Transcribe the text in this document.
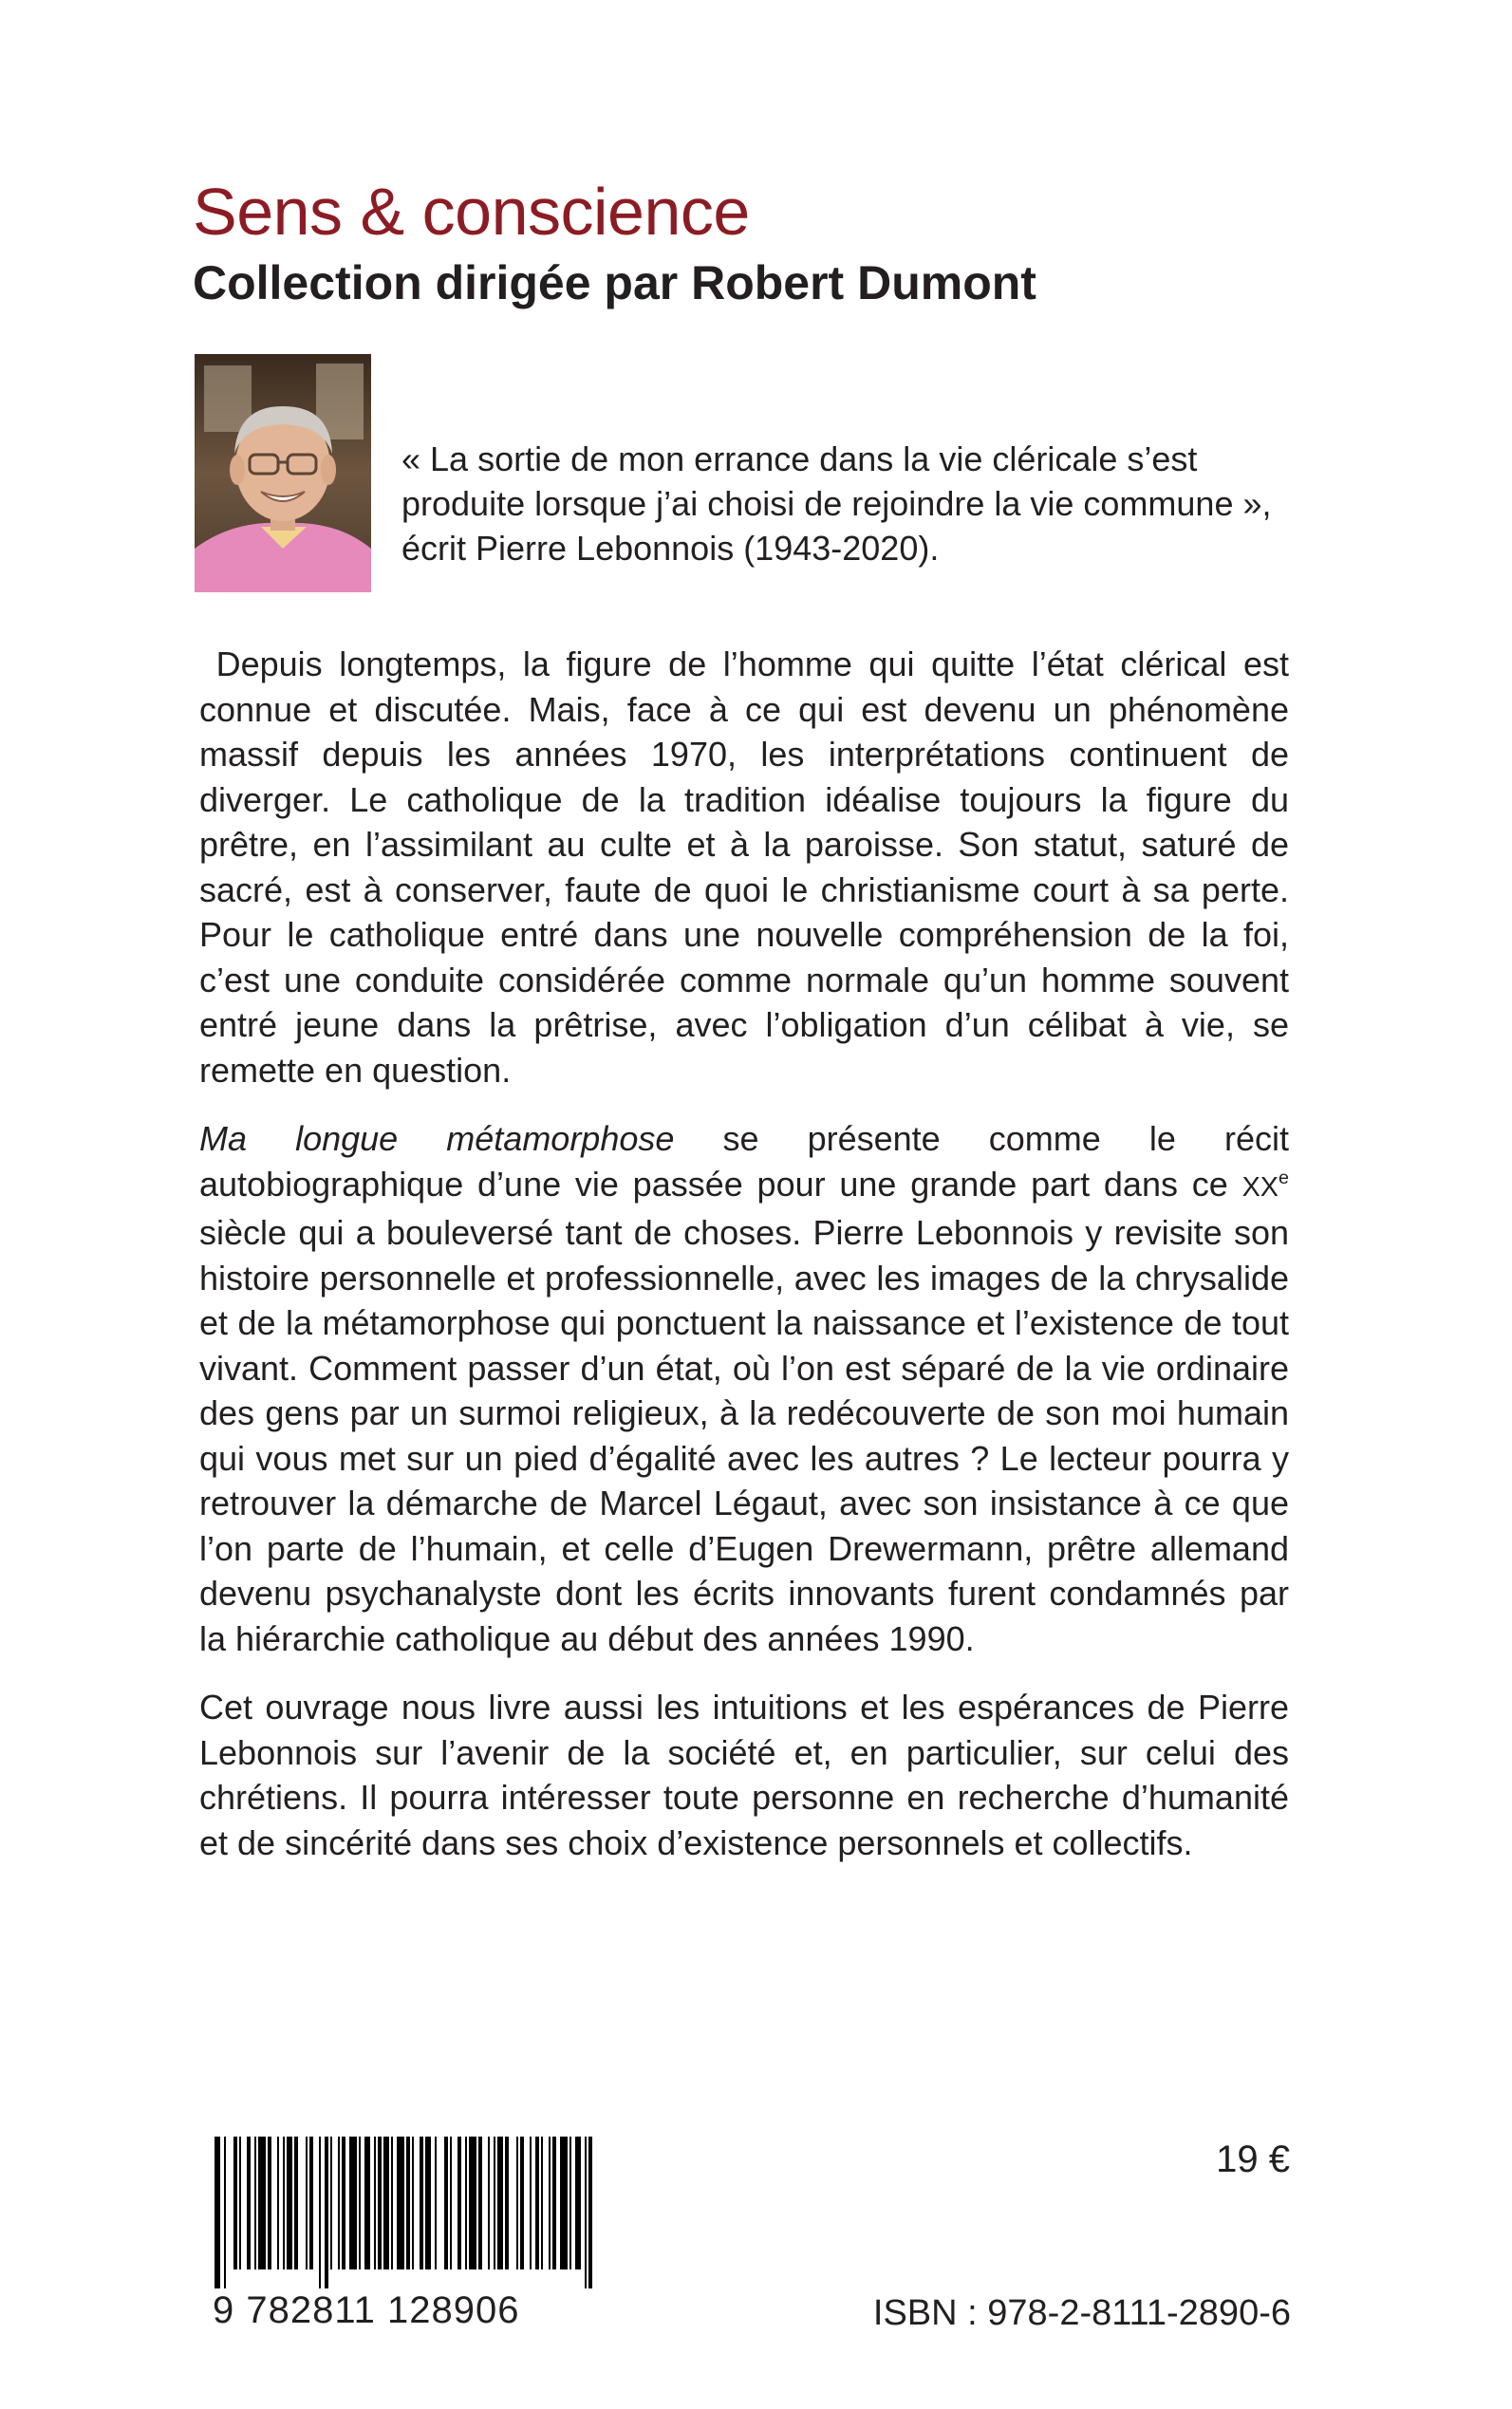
Sens & conscience
Collection dirigée par Robert Dumont

« La sortie de mon errance dans la vie cléricale s’est produite lorsque j’ai choisi de rejoindre la vie commune », écrit Pierre Lebonnois (1943-2020).

Depuis longtemps, la figure de l’homme qui quitte l’état clérical est connue et discutée. Mais, face à ce qui est devenu un phénomène massif depuis les années 1970, les interprétations continuent de diverger. Le catholique de la tradition idéalise toujours la figure du prêtre, en l’assimilant au culte et à la paroisse. Son statut, saturé de sacré, est à conserver, faute de quoi le christianisme court à sa perte. Pour le catholique entré dans une nouvelle compréhension de la foi, c’est une conduite considérée comme normale qu’un homme souvent entré jeune dans la prêtrise, avec l’obligation d’un célibat à vie, se remette en question.

Ma longue métamorphose se présente comme le récit autobiographique d’une vie passée pour une grande part dans ce XXe siècle qui a bouleversé tant de choses. Pierre Lebonnois y revisite son histoire personnelle et professionnelle, avec les images de la chrysalide et de la métamorphose qui ponctuent la naissance et l’existence de tout vivant. Comment passer d’un état, où l’on est séparé de la vie ordinaire des gens par un surmoi religieux, à la redécouverte de son moi humain qui vous met sur un pied d’égalité avec les autres ? Le lecteur pourra y retrouver la démarche de Marcel Légaut, avec son insistance à ce que l’on parte de l’humain, et celle d’Eugen Drewermann, prêtre allemand devenu psychanalyste dont les écrits innovants furent condamnés par la hiérarchie catholique au début des années 1990.

Cet ouvrage nous livre aussi les intuitions et les espérances de Pierre Lebonnois sur l’avenir de la société et, en particulier, sur celui des chrétiens. Il pourra intéresser toute personne en recherche d’humanité et de sincérité dans ses choix d’existence personnels et collectifs.

9 782811 128906
19 €
ISBN : 978-2-8111-2890-6
